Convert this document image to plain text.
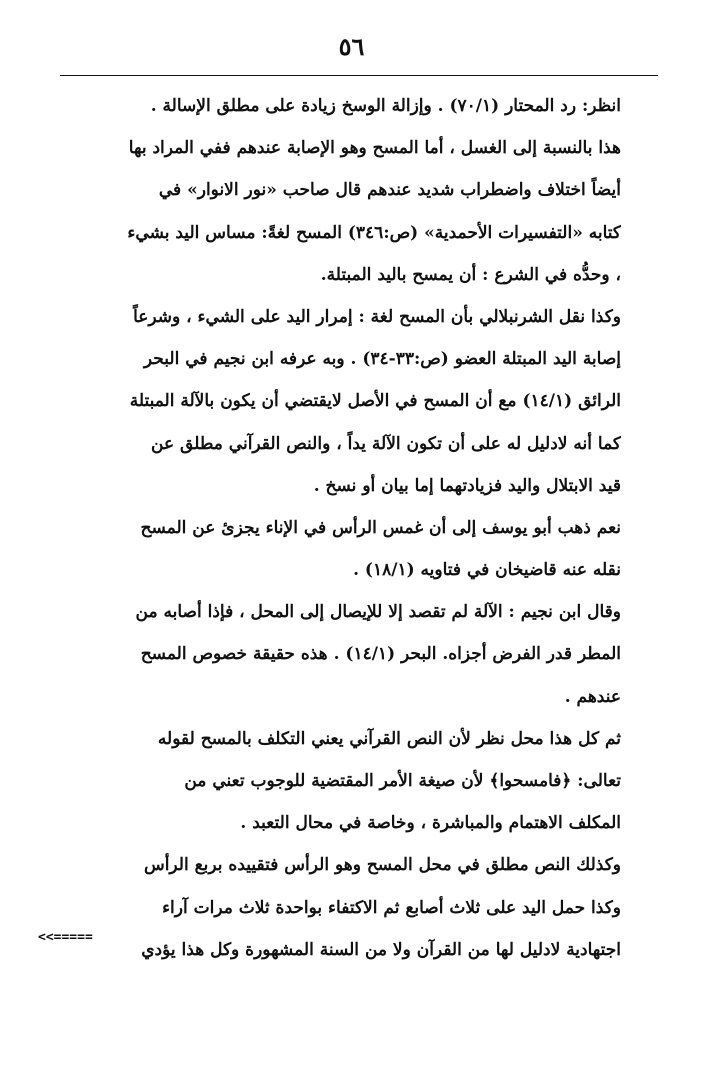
٥٦
انظر: رد المحتار (٧٠/١) . وإزالة الوسخ زيادة على مطلق الإسالة .
هذا بالنسبة إلى الغسل ، أما المسح وهو الإصابة عندهم ففي المراد بها
أيضاً اختلاف واضطراب شديد عندهم قال صاحب «نور الانوار» في
كتابه «التفسيرات الأحمدية» (ص:٣٤٦) المسح لغةً: مساس اليد بشيء
، وحدُّه في الشرع : أن يمسح باليد المبتلة.
وكذا نقل الشرنبلالي بأن المسح لغة : إمرار اليد على الشيء ، وشرعاً
إصابة اليد المبتلة العضو (ص:٣٣-٣٤) . وبه عرفه ابن نجيم في البحر
الرائق (١٤/١) مع أن المسح في الأصل لايقتضي أن يكون بالآلة المبتلة
كما أنه لادليل له على أن تكون الآلة يداً ، والنص القرآني مطلق عن
قيد الابتلال واليد فزيادتهما إما بيان أو نسخ .
نعم ذهب أبو يوسف إلى أن غمس الرأس في الإناء يجزئ عن المسح
نقله عنه قاضيخان في فتاويه (١٨/١) .
وقال ابن نجيم : الآلة لم تقصد إلا للإيصال إلى المحل ، فإذا أصابه من
المطر قدر الفرض أجزاه. البحر (١٤/١) . هذه حقيقة خصوص المسح
عندهم .
ثم كل هذا محل نظر لأن النص القرآني يعني التكلف بالمسح لقوله
تعالى: ﴿فامسحوا﴾ لأن صيغة الأمر المقتضية للوجوب تعني من
المكلف الاهتمام والمباشرة ، وخاصة في محال التعبد .
وكذلك النص مطلق في محل المسح وهو الرأس فتقييده بربع الرأس
وكذا حمل اليد على ثلاث أصابع ثم الاكتفاء بواحدة ثلاث مرات آراء
اجتهادية لادليل لها من القرآن ولا من السنة المشهورة وكل هذا يؤدي
<<=====
